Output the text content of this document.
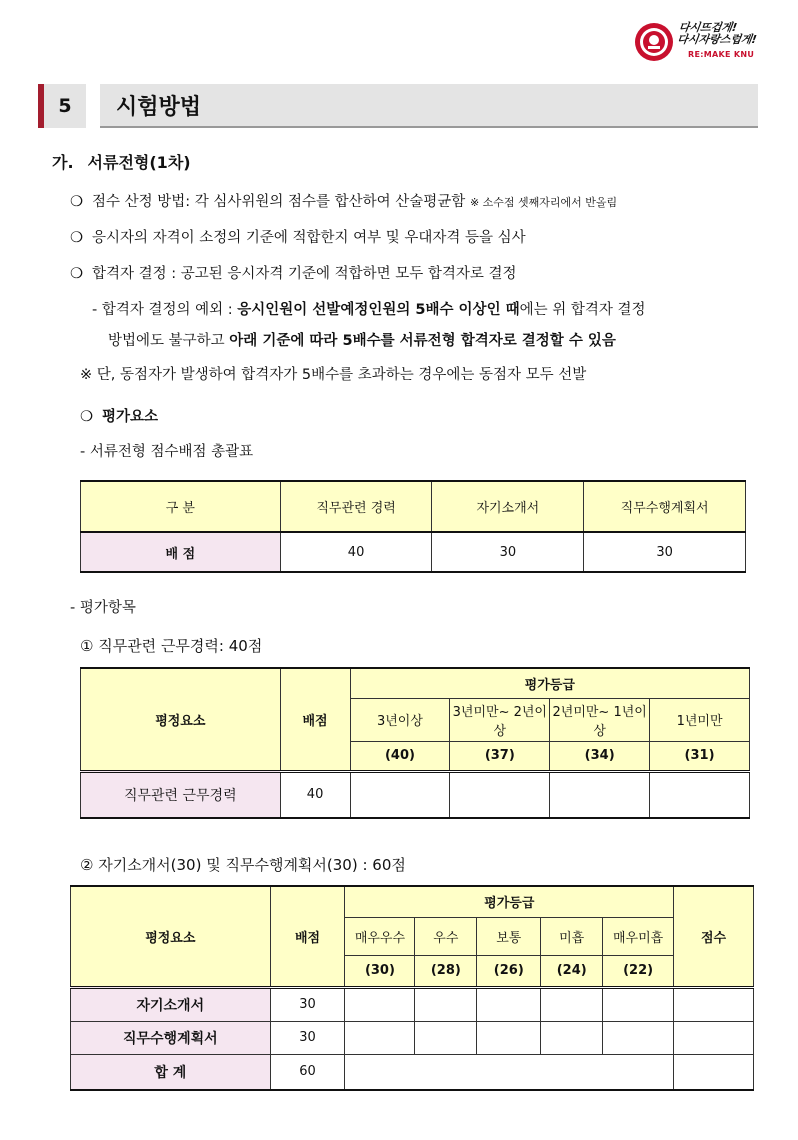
다시뜨겁게!
다시자랑스럽게!
RE:MAKE KNU
5	시험방법
가. 서류전형(1차)
❍ 점수 산정 방법: 각 심사위원의 점수를 합산하여 산술평균함 ※ 소수점 셋째자리에서 반올림
❍ 응시자의 자격이 소정의 기준에 적합한지 여부 및 우대자격 등을 심사
❍ 합격자 결정 : 공고된 응시자격 기준에 적합하면 모두 합격자로 결정
- 합격자 결정의 예외 : 응시인원이 선발예정인원의 5배수 이상인 때에는 위 합격자 결정
방법에도 불구하고 아래 기준에 따라 5배수를 서류전형 합격자로 결정할 수 있음
※ 단, 동점자가 발생하여 합격자가 5배수를 초과하는 경우에는 동점자 모두 선발
❍ 평가요소
- 서류전형 점수배점 총괄표
구 분	직무관련 경력	자기소개서	직무수행계획서
배 점	40	30	30
- 평가항목
① 직무관련 근무경력: 40점
평정요소	배점	평가등급			
		3년이상	3년미만~ 2년이상	2년미만~ 1년이상	1년미만
		(40)	(37)	(34)	(31)
직무관련 근무경력	40				
② 자기소개서(30) 및 직무수행계획서(30) : 60점
평정요소	배점	평가등급					점수
		매우우수	우수	보통	미흡	매우미흡	
		(30)	(28)	(26)	(24)	(22)	
자기소개서	30						
직무수행계획서	30						
합 계	60						
